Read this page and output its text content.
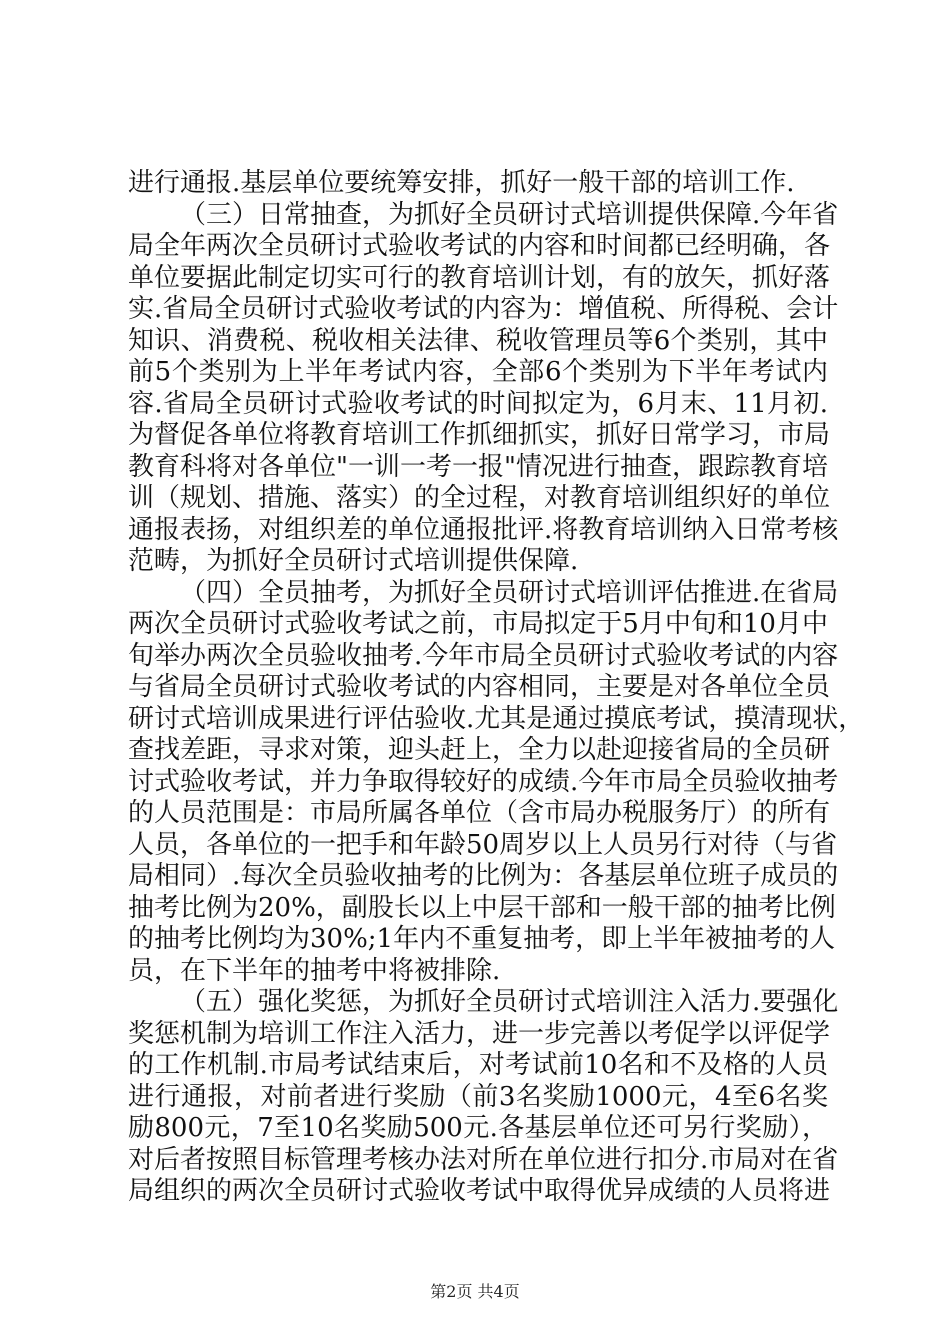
进行通报.基层单位要统筹安排，抓好一般干部的培训工作.
（三）日常抽查，为抓好全员研讨式培训提供保障.今年省
局全年两次全员研讨式验收考试的内容和时间都已经明确，各
单位要据此制定切实可行的教育培训计划，有的放矢，抓好落
实.省局全员研讨式验收考试的内容为：增值税、所得税、会计
知识、消费税、税收相关法律、税收管理员等6个类别，其中
前5个类别为上半年考试内容，全部6个类别为下半年考试内
容.省局全员研讨式验收考试的时间拟定为，6月末、11月初.
为督促各单位将教育培训工作抓细抓实，抓好日常学习，市局
教育科将对各单位"一训一考一报"情况进行抽查，跟踪教育培
训（规划、措施、落实）的全过程，对教育培训组织好的单位
通报表扬，对组织差的单位通报批评.将教育培训纳入日常考核
范畴，为抓好全员研讨式培训提供保障.
（四）全员抽考，为抓好全员研讨式培训评估推进.在省局
两次全员研讨式验收考试之前，市局拟定于5月中旬和10月中
旬举办两次全员验收抽考.今年市局全员研讨式验收考试的内容
与省局全员研讨式验收考试的内容相同，主要是对各单位全员
研讨式培训成果进行评估验收.尤其是通过摸底考试，摸清现状，
查找差距，寻求对策，迎头赶上，全力以赴迎接省局的全员研
讨式验收考试，并力争取得较好的成绩.今年市局全员验收抽考
的人员范围是：市局所属各单位（含市局办税服务厅）的所有
人员，各单位的一把手和年龄50周岁以上人员另行对待（与省
局相同）.每次全员验收抽考的比例为：各基层单位班子成员的
抽考比例为20%，副股长以上中层干部和一般干部的抽考比例
的抽考比例均为30%;1年内不重复抽考，即上半年被抽考的人
员，在下半年的抽考中将被排除.
（五）强化奖惩，为抓好全员研讨式培训注入活力.要强化
奖惩机制为培训工作注入活力，进一步完善以考促学以评促学
的工作机制.市局考试结束后，对考试前10名和不及格的人员
进行通报，对前者进行奖励（前3名奖励1000元，4至6名奖
励800元，7至10名奖励500元.各基层单位还可另行奖励），
对后者按照目标管理考核办法对所在单位进行扣分.市局对在省
局组织的两次全员研讨式验收考试中取得优异成绩的人员将进
第2页 共4页
